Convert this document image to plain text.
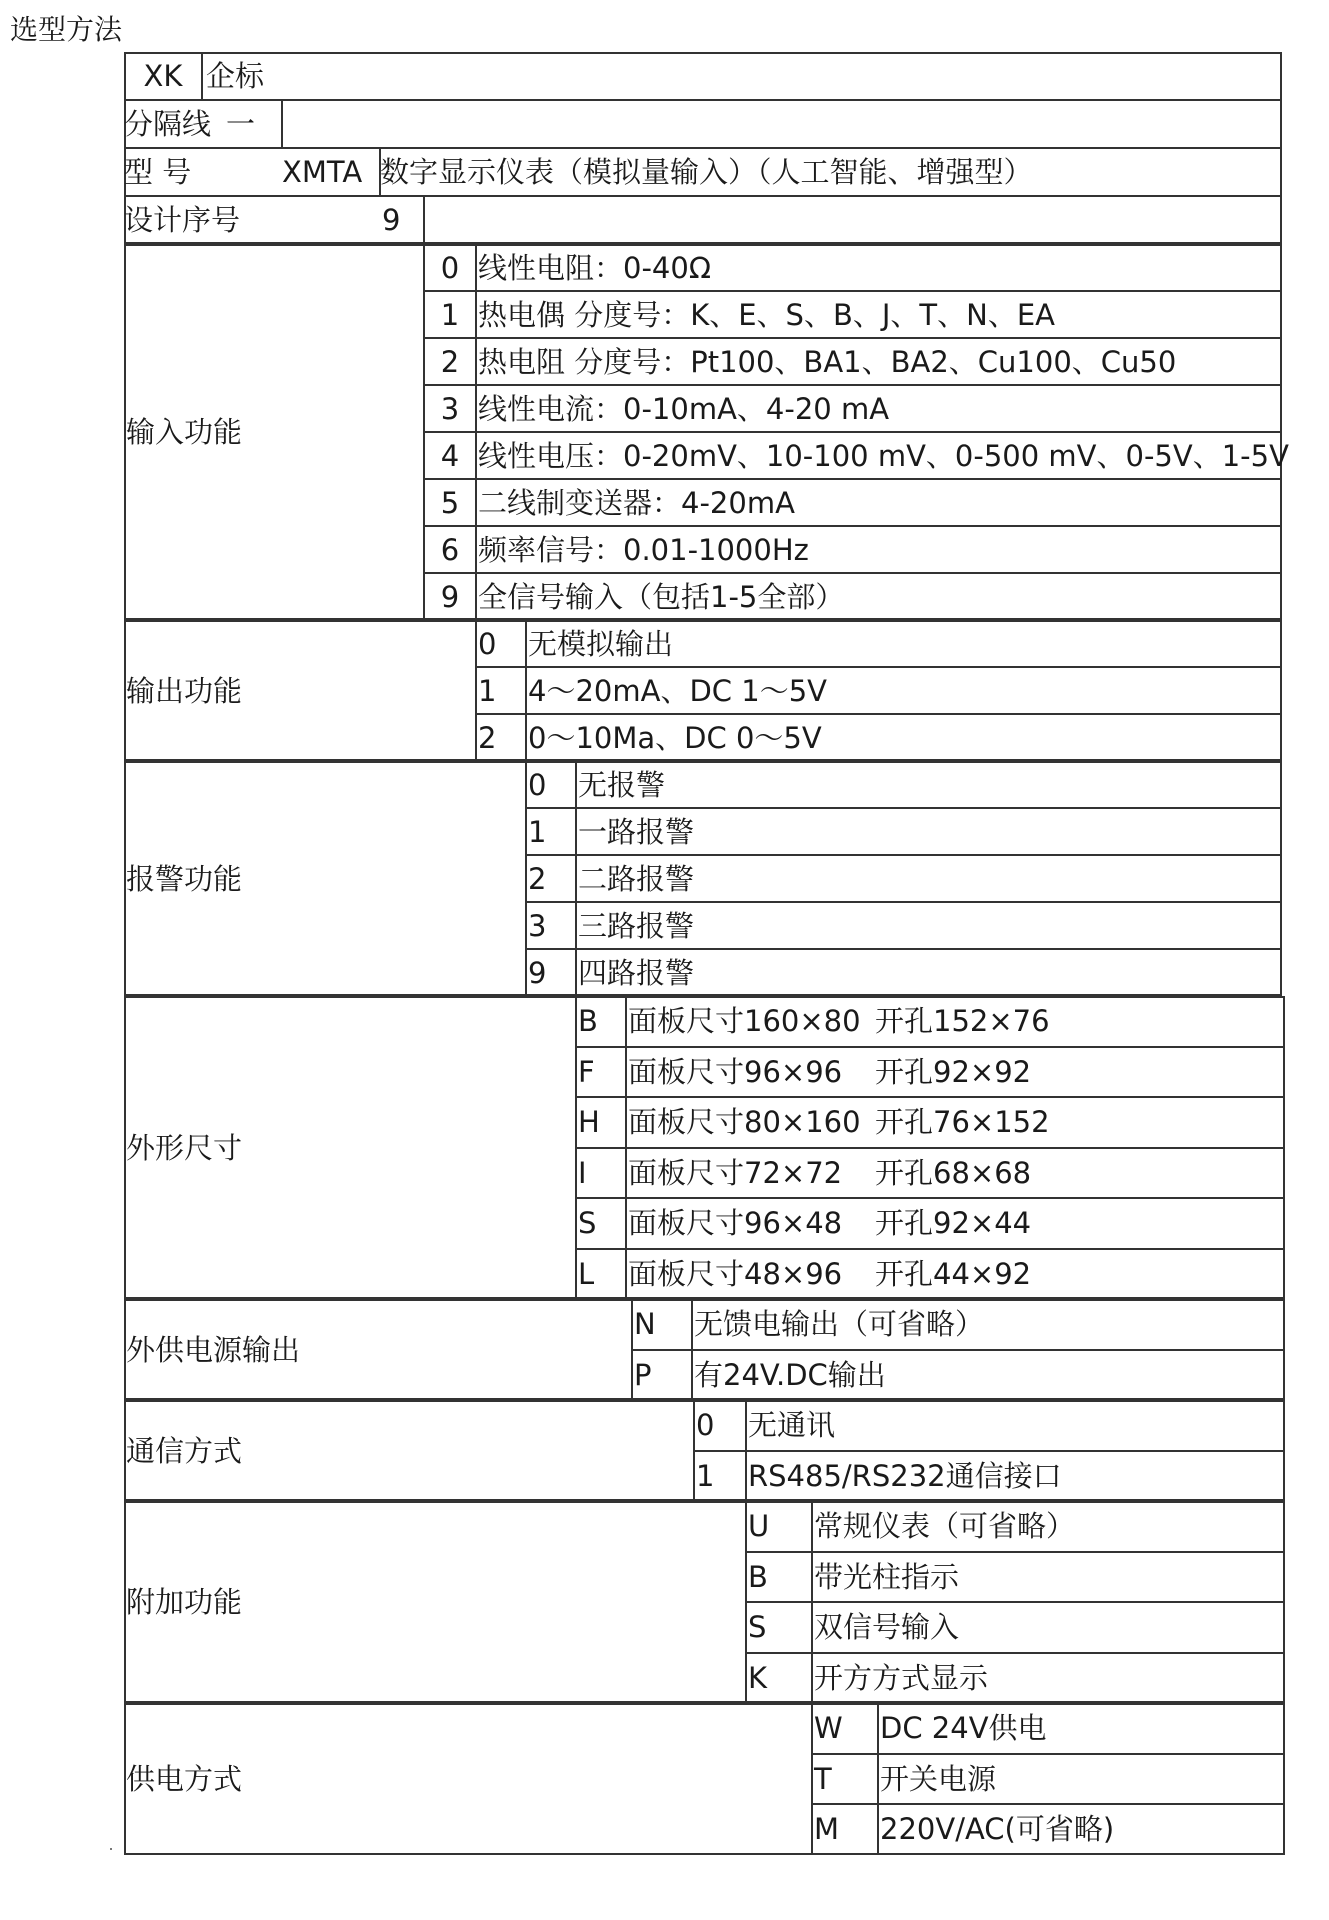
选型方法
XK 企标
分隔线 一
型 号	XMTA 数字显示仪表（模拟量输入）（人工智能、增强型）
设计序号	9
输入功能
0 线性电阻：0-40Ω
1 热电偶 分度号：K、E、S、B、J、T、N、EA
2 热电阻 分度号：Pt100、BA1、BA2、Cu100、Cu50
3 线性电流：0-10mA、4-20 mA
4 线性电压：0-20mV、10-100 mV、0-500 mV、0-5V、1-5V
5 二线制变送器：4-20mA
6 频率信号：0.01-1000Hz
9 全信号输入（包括1-5全部）
输出功能
0 无模拟输出
1 4～20mA、DC 1～5V
2 0～10Ma、DC 0～5V
报警功能
0 无报警
1 一路报警
2 二路报警
3 三路报警
9 四路报警
外形尺寸
B 面板尺寸160×80 开孔152×76
F 面板尺寸96×96 开孔92×92
H 面板尺寸80×160 开孔76×152
I 面板尺寸72×72 开孔68×68
S 面板尺寸96×48 开孔92×44
L 面板尺寸48×96 开孔44×92
外供电源输出
N 无馈电输出（可省略）
P 有24V.DC输出
通信方式
0 无通讯
1 RS485/RS232通信接口
附加功能
U 常规仪表（可省略）
B 带光柱指示
S 双信号输入
K 开方方式显示
供电方式
W DC 24V供电
T 开关电源
M 220V/AC(可省略)
